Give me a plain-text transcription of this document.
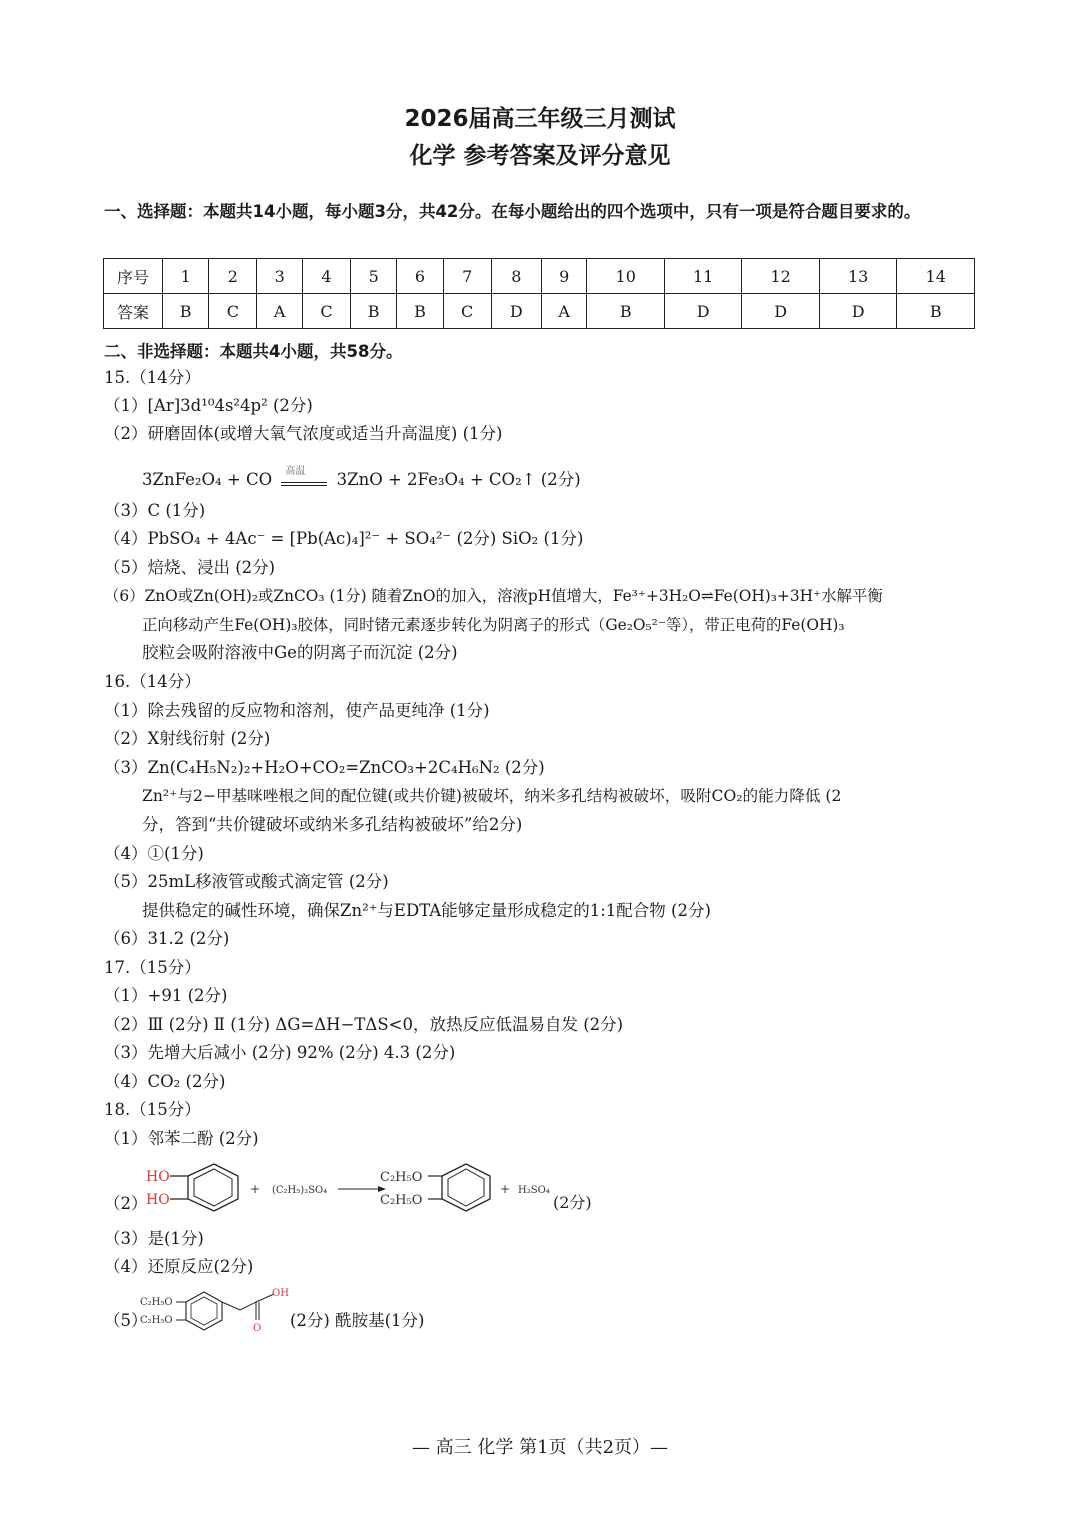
2026届高三年级三月测试
化学 参考答案及评分意见
一、选择题：本题共14小题，每小题3分，共42分。在每小题给出的四个选项中，只有一项是符合题目要求的。
序号	1	2	3	4	5	6	7	8	9	10	11	12	13	14
答案	B	C	A	C	B	B	C	D	A	B	D	D	D	B
二、非选择题：本题共4小题，共58分。
15.（14分）
（1）[Ar]3d¹⁰4s²4p² (2分)
（2）研磨固体(或增大氧气浓度或适当升高温度) (1分)
3ZnFe₂O₄ + CO 高温 3ZnO + 2Fe₃O₄ + CO₂↑ (2分)
（3）C (1分)
（4）PbSO₄ + 4Ac⁻ = [Pb(Ac)₄]²⁻ + SO₄²⁻ (2分) SiO₂ (1分)
（5）焙烧、浸出 (2分)
（6）ZnO或Zn(OH)₂或ZnCO₃ (1分) 随着ZnO的加入，溶液pH值增大，Fe³⁺+3H₂O⇌Fe(OH)₃+3H⁺水解平衡
正向移动产生Fe(OH)₃胶体，同时锗元素逐步转化为阴离子的形式（Ge₂O₅²⁻等），带正电荷的Fe(OH)₃
胶粒会吸附溶液中Ge的阴离子而沉淀 (2分)
16.（14分）
（1）除去残留的反应物和溶剂，使产品更纯净 (1分)
（2）X射线衍射 (2分)
（3）Zn(C₄H₅N₂)₂+H₂O+CO₂=ZnCO₃+2C₄H₆N₂ (2分)
Zn²⁺与2−甲基咪唑根之间的配位键(或共价键)被破坏，纳米多孔结构被破坏，吸附CO₂的能力降低 (2
分，答到“共价键破坏或纳米多孔结构被破坏”给2分)
（4）①(1分)
（5）25mL移液管或酸式滴定管 (2分)
提供稳定的碱性环境，确保Zn²⁺与EDTA能够定量形成稳定的1:1配合物 (2分)
（6）31.2 (2分)
17.（15分）
（1）+91 (2分)
（2）Ⅲ (2分) Ⅱ (1分) ΔG=ΔH−TΔS<0，放热反应低温易自发 (2分)
（3）先增大后减小 (2分) 92% (2分) 4.3 (2分)
（4）CO₂ (2分)
18.（15分）
（1）邻苯二酚 (2分)
（2）
HO
HO
+ (C₂H₅)₂SO₄
C₂H₅O
C₂H₅O
+ H₂SO₄
(2分)
（3）是(1分)
（4）还原反应(2分)
（5）
C₂H₅O
C₂H₅O
OH
O (2分) 酰胺基(1分)
— 高三 化学 第1页（共2页）—
